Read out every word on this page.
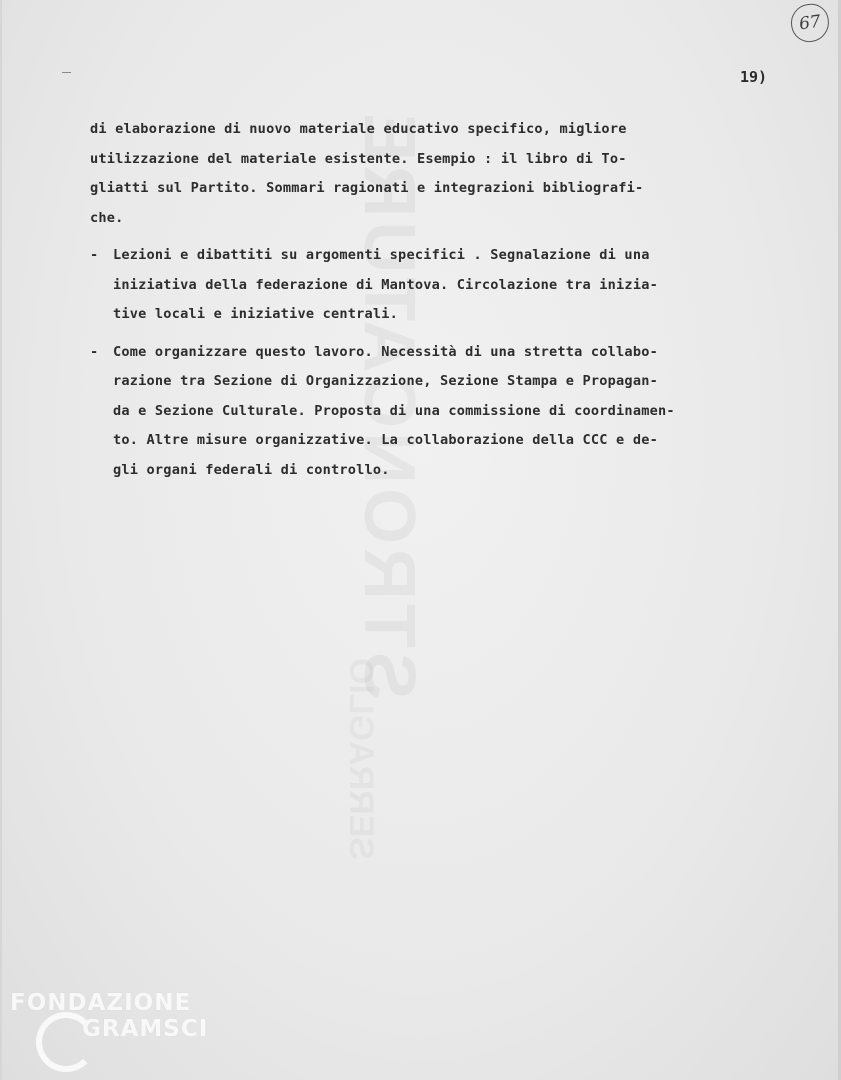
67
19)
di elaborazione di nuovo materiale educativo specifico, migliore
utilizzazione del materiale esistente. Esempio : il libro di To-
gliatti sul Partito. Sommari ragionati e integrazioni bibliografi-
che.
- Lezioni e dibattiti su argomenti specifici . Segnalazione di una
iniziativa della federazione di Mantova. Circolazione tra inizia-
tive locali e iniziative centrali.
- Come organizzare questo lavoro. Necessità di una stretta collabo-
razione tra Sezione di Organizzazione, Sezione Stampa e Propagan-
da e Sezione Culturale. Proposta di una commissione di coordinamen-
to. Altre misure organizzative. La collaborazione della CCC e de-
gli organi federali di controllo.
FONDAZIONE
GRAMSCI
